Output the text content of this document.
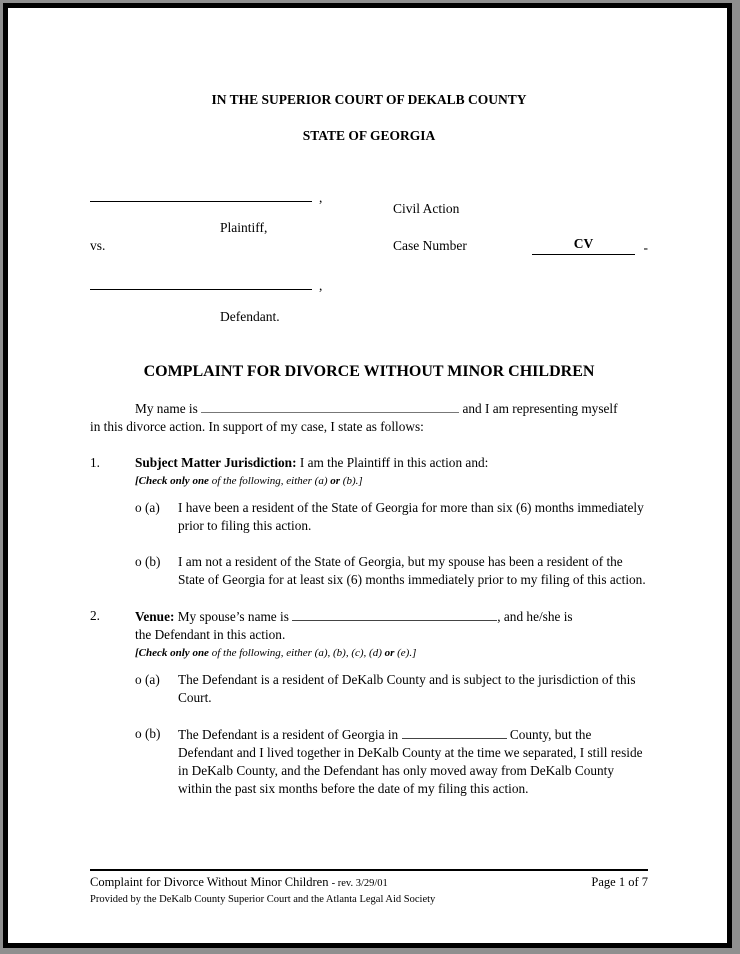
IN THE SUPERIOR COURT OF DEKALB COUNTY
STATE OF GEORGIA
,
Plaintiff,
vs.
Civil Action
Case Number	CV	-
,
Defendant.
COMPLAINT FOR DIVORCE WITHOUT MINOR CHILDREN
My name is	and I am representing myself
in this divorce action. In support of my case, I state as follows:
1.	Subject Matter Jurisdiction: I am the Plaintiff in this action and:
[Check only one of the following, either (a) or (b).]
o (a)	I have been a resident of the State of Georgia for more than six (6) months immediately prior to filing this action.
o (b)	I am not a resident of the State of Georgia, but my spouse has been a resident of the State of Georgia for at least six (6) months immediately prior to my filing of this action.
2.	Venue: My spouse’s name is	, and he/she is
the Defendant in this action.
[Check only one of the following, either (a), (b), (c), (d) or (e).]
o (a)	The Defendant is a resident of DeKalb County and is subject to the jurisdiction of this Court.
o (b)	The Defendant is a resident of Georgia in	County, but the Defendant and I lived together in DeKalb County at the time we separated, I still reside in DeKalb County, and the Defendant has only moved away from DeKalb County within the past six months before the date of my filing this action.
Complaint for Divorce Without Minor Children - rev. 3/29/01	Page 1 of 7
Provided by the DeKalb County Superior Court and the Atlanta Legal Aid Society
